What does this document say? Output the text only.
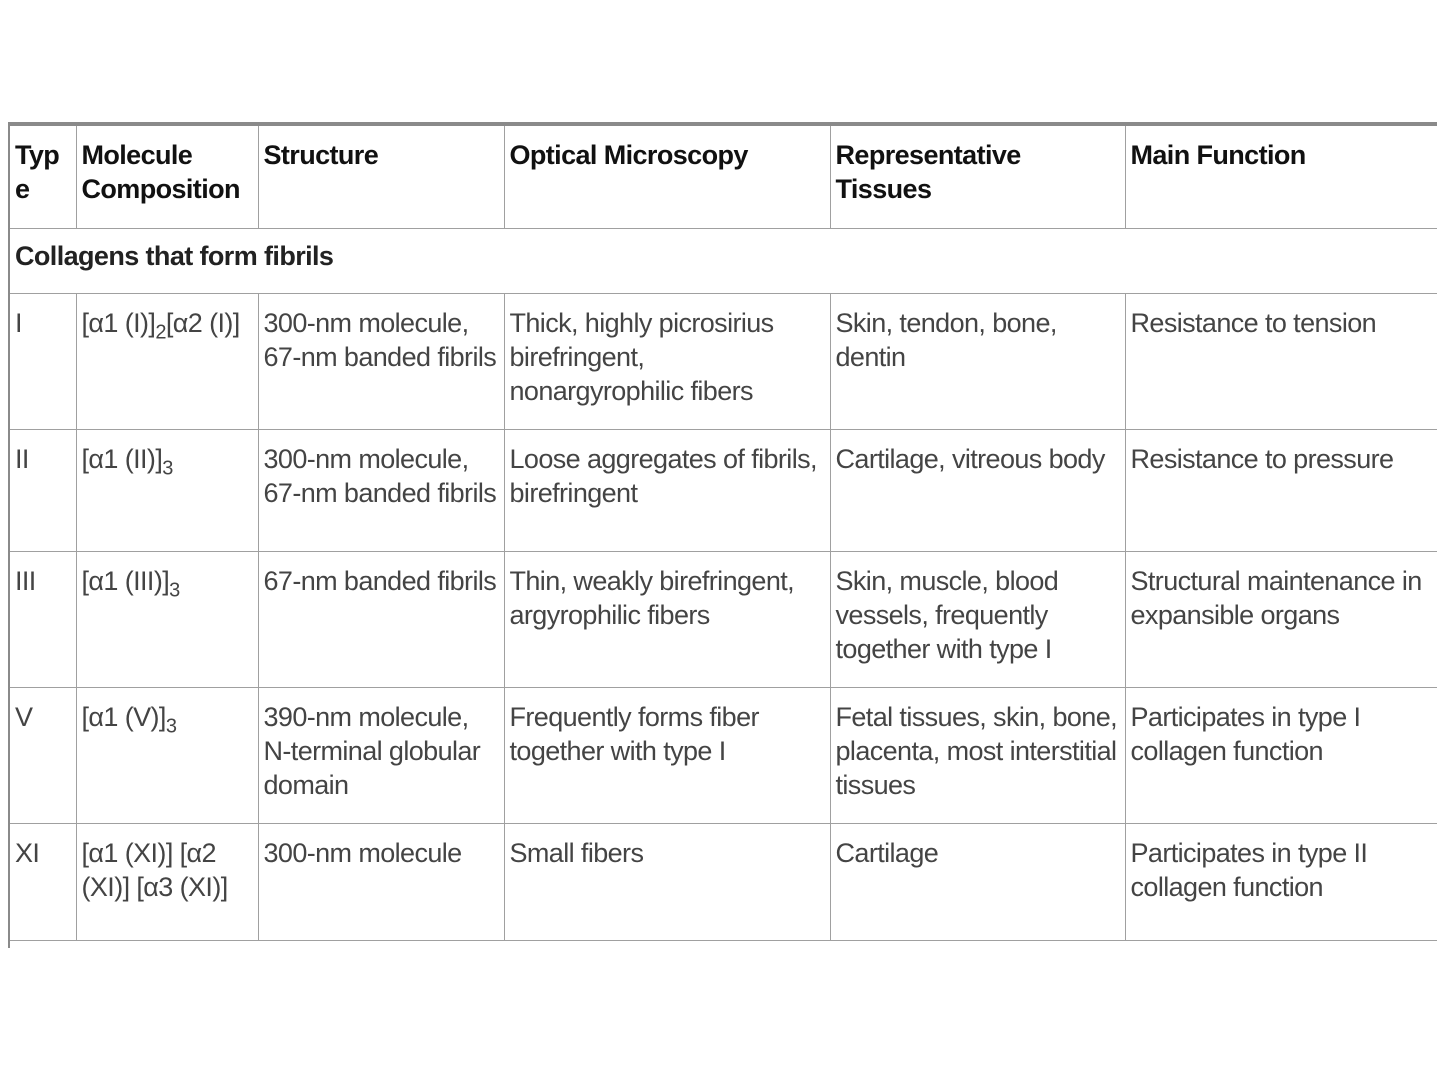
Type	Molecule Composition	Structure	Optical Microscopy	Representative Tissues	Main Function
Collagens that form fibrils					
I	[α1 $(I)]_2[\alpha 2$ (I)]	300-nm molecule, 67-nm banded fibrils	Thick, highly picrosirius birefringent, nonargyrophilic fibers	Skin, tendon, bone, dentin	Resistance to tension
II	[α1 $(II)]_3$	300-nm molecule, 67-nm banded fibrils	Loose aggregates of fibrils, birefringent	Cartilage, vitreous body	Resistance to pressure
III	[α1 $(III)]_3$	67-nm banded fibrils	Thin, weakly birefringent, argyrophilic fibers	Skin, muscle, blood vessels, frequently together with type I	Structural maintenance in expansible organs
V	[α1 $(V)]_3$	390-nm molecule, N-terminal globular domain	Frequently forms fiber together with type I	Fetal tissues, skin, bone, placenta, most interstitial tissues	Participates in type I collagen function
XI	[α1 (XI)] [α2 (XI)] [α3 (XI)]	300-nm molecule	Small fibers	Cartilage	Participates in type II collagen function
